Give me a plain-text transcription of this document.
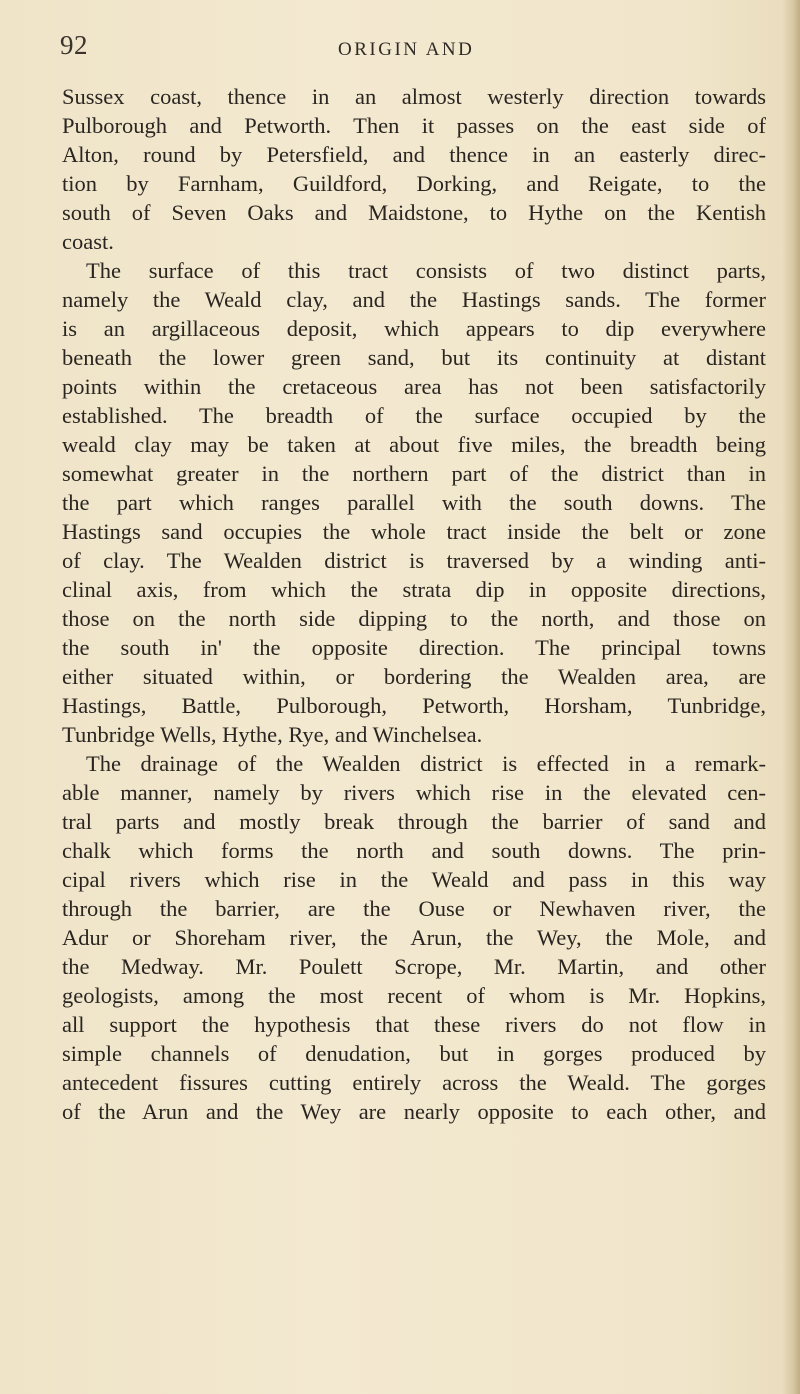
92	ORIGIN AND
Sussex coast, thence in an almost westerly direction towards
Pulborough and Petworth. Then it passes on the east side of
Alton, round by Petersfield, and thence in an easterly direc-
tion by Farnham, Guildford, Dorking, and Reigate, to the
south of Seven Oaks and Maidstone, to Hythe on the Kentish
coast.
The surface of this tract consists of two distinct parts,
namely the Weald clay, and the Hastings sands. The former
is an argillaceous deposit, which appears to dip everywhere
beneath the lower green sand, but its continuity at distant
points within the cretaceous area has not been satisfactorily
established. The breadth of the surface occupied by the
weald clay may be taken at about five miles, the breadth being
somewhat greater in the northern part of the district than in
the part which ranges parallel with the south downs. The
Hastings sand occupies the whole tract inside the belt or zone
of clay. The Wealden district is traversed by a winding anti-
clinal axis, from which the strata dip in opposite directions,
those on the north side dipping to the north, and those on
the south in' the opposite direction. The principal towns
either situated within, or bordering the Wealden area, are
Hastings, Battle, Pulborough, Petworth, Horsham, Tunbridge,
Tunbridge Wells, Hythe, Rye, and Winchelsea.
The drainage of the Wealden district is effected in a remark-
able manner, namely by rivers which rise in the elevated cen-
tral parts and mostly break through the barrier of sand and
chalk which forms the north and south downs. The prin-
cipal rivers which rise in the Weald and pass in this way
through the barrier, are the Ouse or Newhaven river, the
Adur or Shoreham river, the Arun, the Wey, the Mole, and
the Medway. Mr. Poulett Scrope, Mr. Martin, and other
geologists, among the most recent of whom is Mr. Hopkins,
all support the hypothesis that these rivers do not flow in
simple channels of denudation, but in gorges produced by
antecedent fissures cutting entirely across the Weald. The gorges
of the Arun and the Wey are nearly opposite to each other, and
